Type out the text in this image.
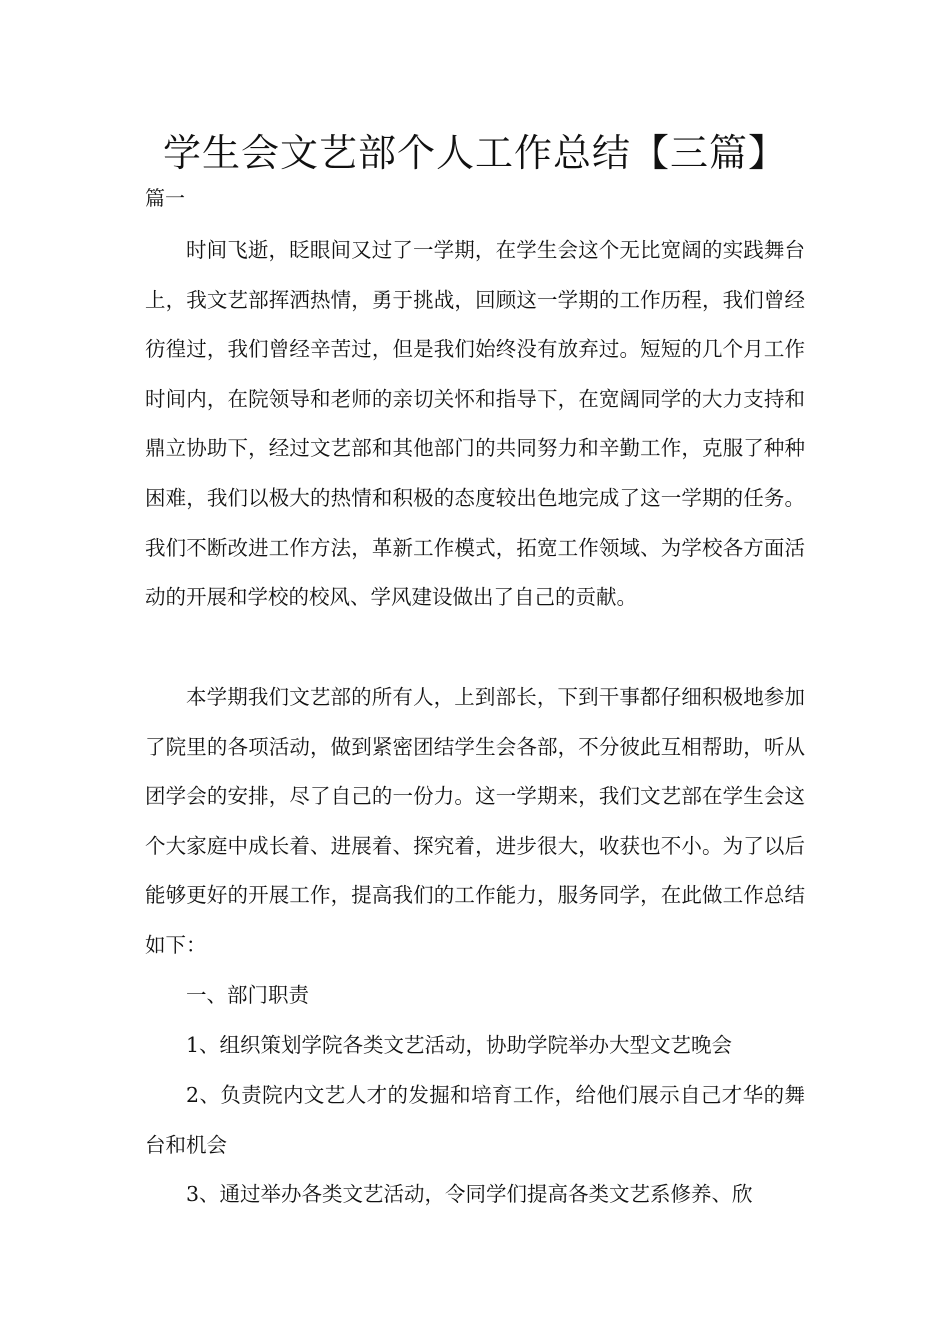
学生会文艺部个人工作总结【三篇】

篇一

时间飞逝，眨眼间又过了一学期，在学生会这个无比宽阔的实践舞台上，我文艺部挥洒热情，勇于挑战，回顾这一学期的工作历程，我们曾经彷徨过，我们曾经辛苦过，但是我们始终没有放弃过。短短的几个月工作时间内，在院领导和老师的亲切关怀和指导下，在宽阔同学的大力支持和鼎立协助下，经过文艺部和其他部门的共同努力和辛勤工作，克服了种种困难，我们以极大的热情和积极的态度较出色地完成了这一学期的任务。我们不断改进工作方法，革新工作模式，拓宽工作领域、为学校各方面活动的开展和学校的校风、学风建设做出了自己的贡献。

本学期我们文艺部的所有人，上到部长，下到干事都仔细积极地参加了院里的各项活动，做到紧密团结学生会各部，不分彼此互相帮助，听从团学会的安排，尽了自己的一份力。这一学期来，我们文艺部在学生会这个大家庭中成长着、进展着、探究着，进步很大，收获也不小。为了以后能够更好的开展工作，提高我们的工作能力，服务同学，在此做工作总结如下：

一、部门职责

1、组织策划学院各类文艺活动，协助学院举办大型文艺晚会

2、负责院内文艺人才的发掘和培育工作，给他们展示自己才华的舞台和机会

3、通过举办各类文艺活动，令同学们提高各类文艺系修养、欣
